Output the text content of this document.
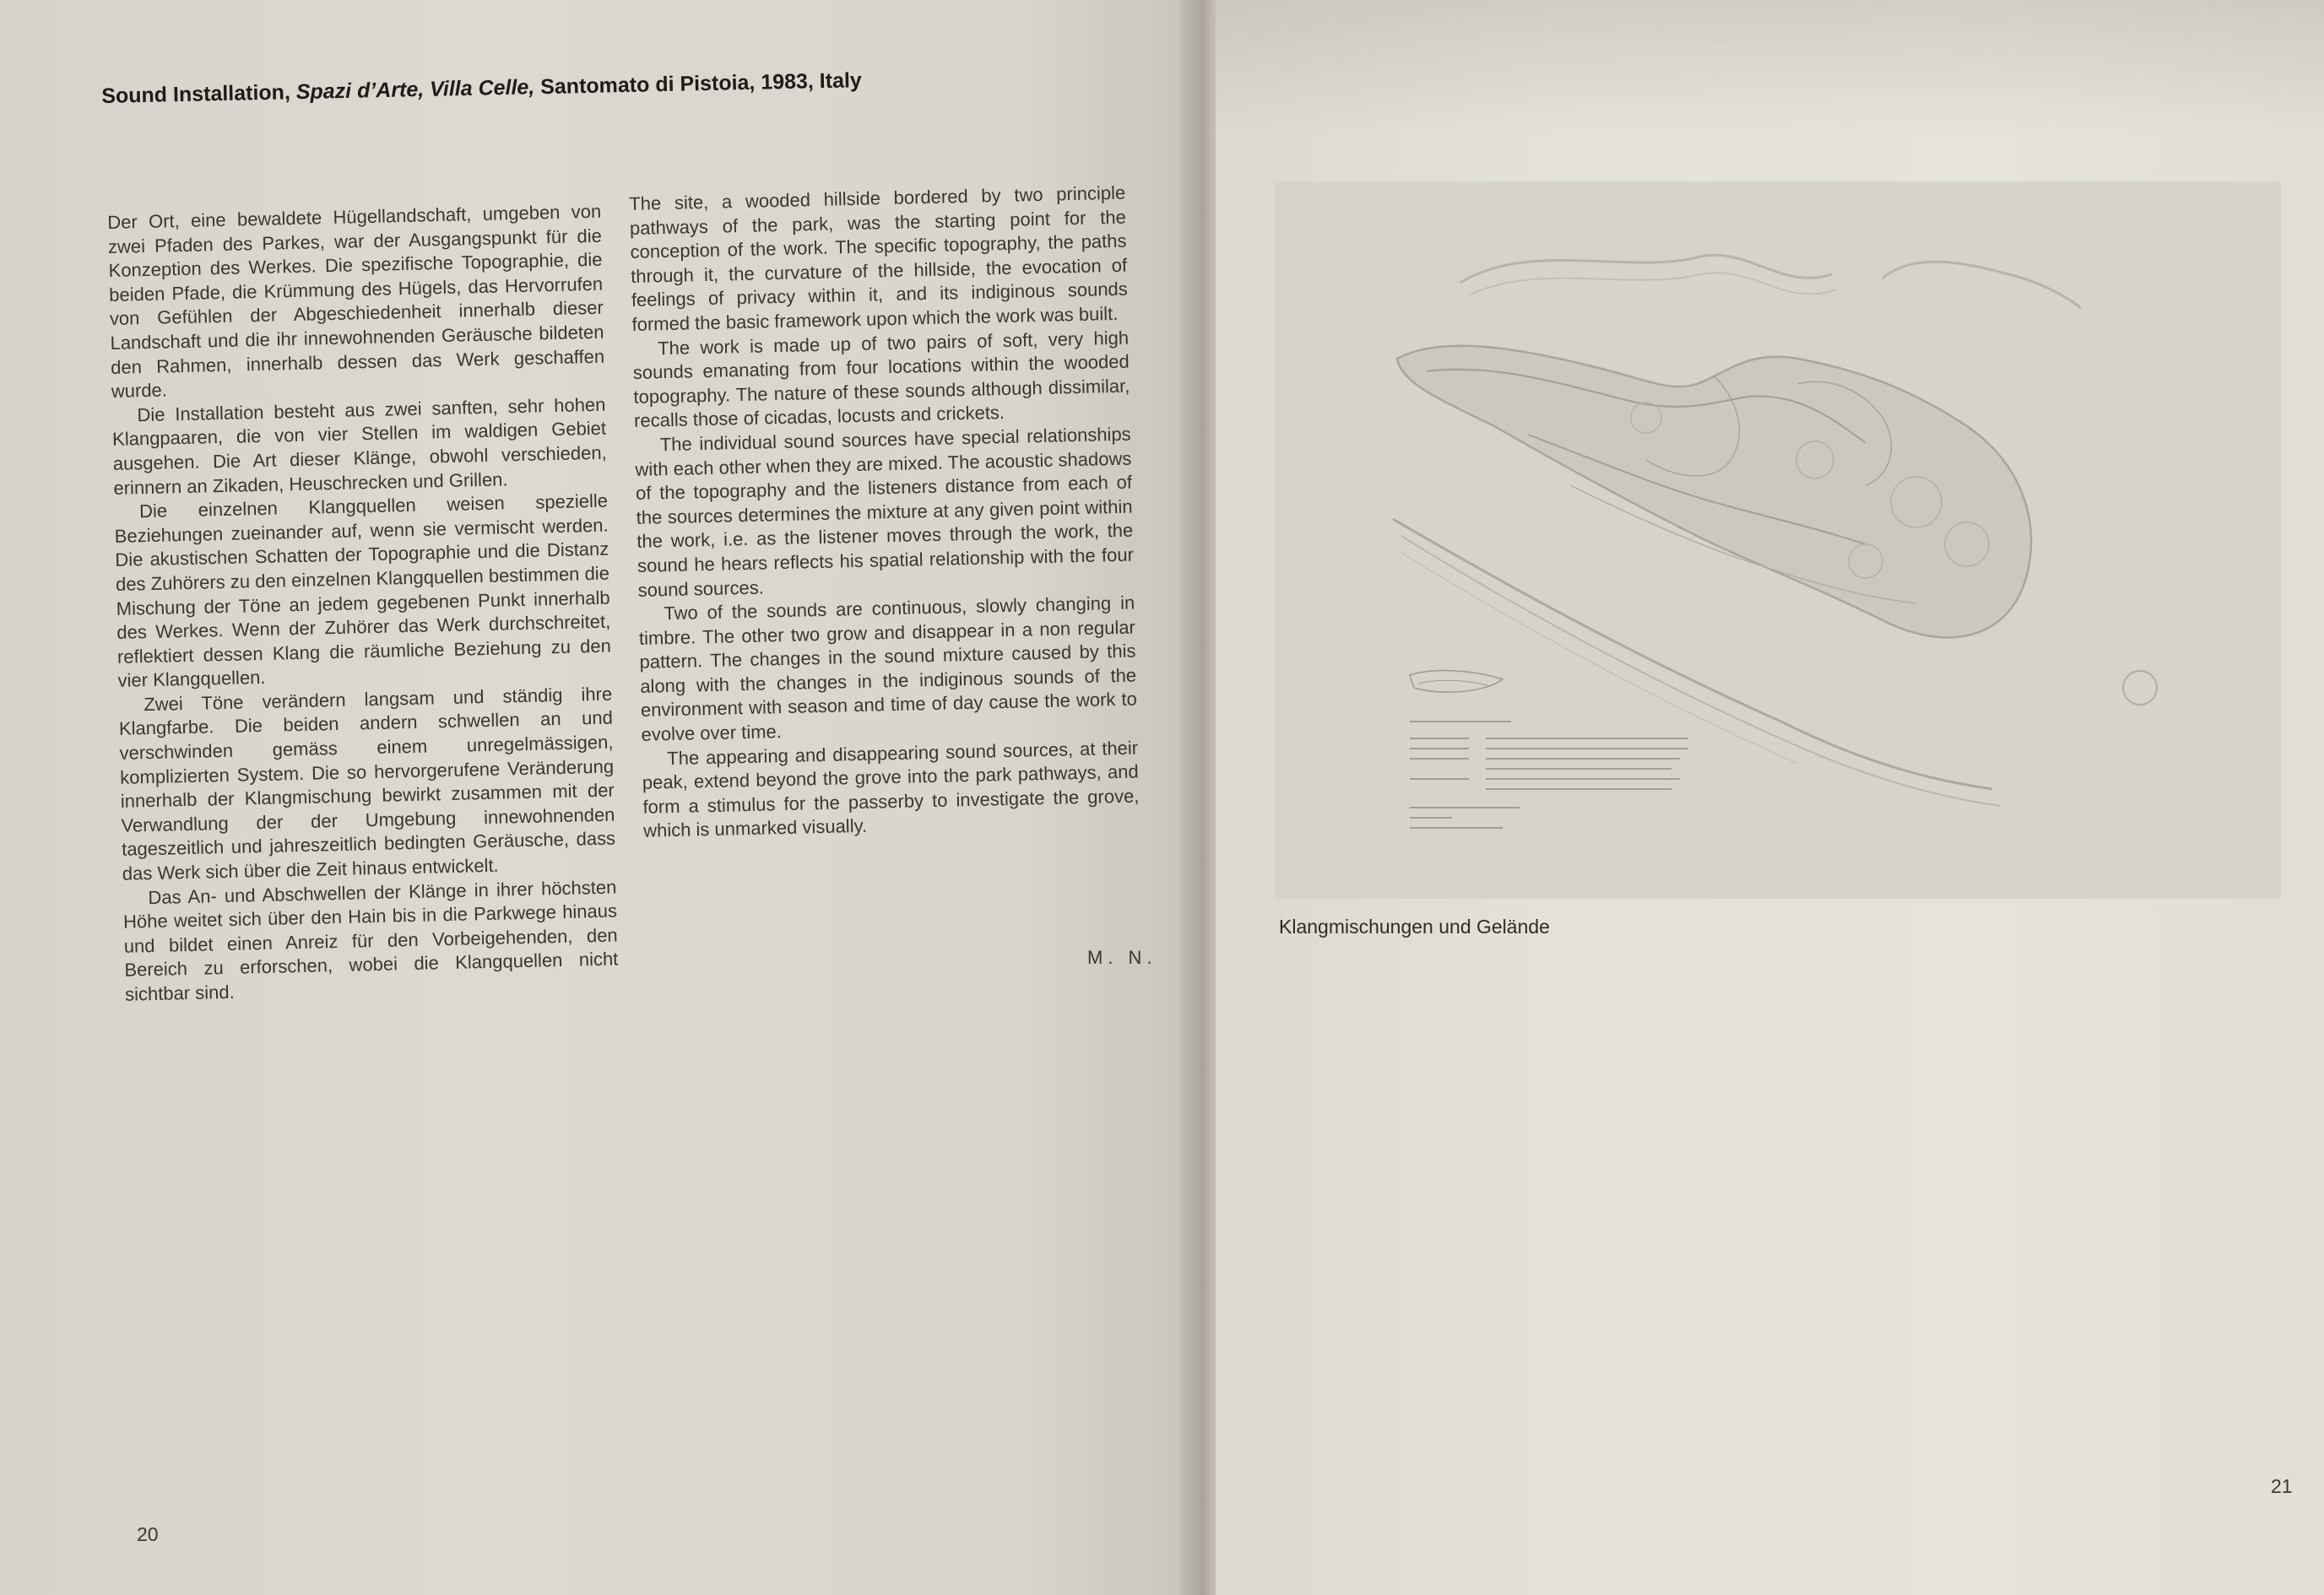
Sound Installation, Spazi d’Arte, Villa Celle, Santomato di Pistoia, 1983, Italy

Der Ort, eine bewaldete Hügellandschaft, umgeben von zwei Pfaden des Parkes, war der Ausgangspunkt für die Konzeption des Werkes. Die spezifische Topographie, die beiden Pfade, die Krümmung des Hügels, das Hervorrufen von Gefühlen der Abgeschiedenheit innerhalb dieser Landschaft und die ihr innewohnenden Geräusche bildeten den Rahmen, innerhalb dessen das Werk geschaffen wurde.

Die Installation besteht aus zwei sanften, sehr hohen Klangpaaren, die von vier Stellen im waldigen Gebiet ausgehen. Die Art dieser Klänge, obwohl verschieden, erinnern an Zikaden, Heuschrecken und Grillen.

Die einzelnen Klangquellen weisen spezielle Beziehungen zueinander auf, wenn sie vermischt werden. Die akustischen Schatten der Topographie und die Distanz des Zuhörers zu den einzelnen Klangquellen bestimmen die Mischung der Töne an jedem gegebenen Punkt innerhalb des Werkes. Wenn der Zuhörer das Werk durchschreitet, reflektiert dessen Klang die räumliche Beziehung zu den vier Klangquellen.

Zwei Töne verändern langsam und ständig ihre Klangfarbe. Die beiden andern schwellen an und verschwinden gemäss einem unregelmässigen, komplizierten System. Die so hervorgerufene Veränderung innerhalb der Klangmischung bewirkt zusammen mit der Verwandlung der der Umgebung innewohnenden tageszeitlich und jahreszeitlich bedingten Geräusche, dass das Werk sich über die Zeit hinaus entwickelt.

Das An- und Abschwellen der Klänge in ihrer höchsten Höhe weitet sich über den Hain bis in die Parkwege hinaus und bildet einen Anreiz für den Vorbeigehenden, den Bereich zu erforschen, wobei die Klangquellen nicht sichtbar sind.

The site, a wooded hillside bordered by two principle pathways of the park, was the starting point for the conception of the work. The specific topography, the paths through it, the curvature of the hillside, the evocation of feelings of privacy within it, and its indiginous sounds formed the basic framework upon which the work was built.

The work is made up of two pairs of soft, very high sounds emanating from four locations within the wooded topography. The nature of these sounds although dissimilar, recalls those of cicadas, locusts and crickets.

The individual sound sources have special relationships with each other when they are mixed. The acoustic shadows of the topography and the listeners distance from each of the sources determines the mixture at any given point within the work, i.e. as the listener moves through the work, the sound he hears reflects his spatial relationship with the four sound sources.

Two of the sounds are continuous, slowly changing in timbre. The other two grow and disappear in a non regular pattern. The changes in the sound mixture caused by this along with the changes in the indiginous sounds of the environment with season and time of day cause the work to evolve over time.

The appearing and disappearing sound sources, at their peak, extend beyond the grove into the park pathways, and form a stimulus for the passerby to investigate the grove, which is unmarked visually.

M. N.
20
Klangmischungen und Gelände
21
